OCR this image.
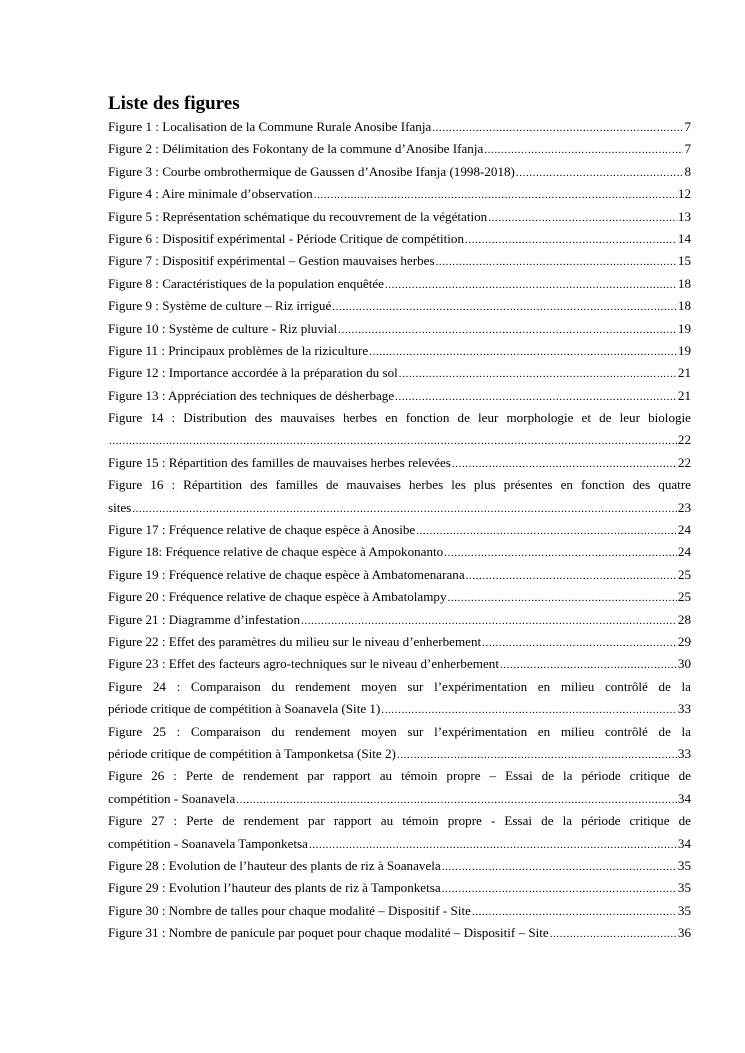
Liste des figures
Figure 1 : Localisation de la Commune Rurale Anosibe Ifanja .....	7
Figure 2 : Délimitation des Fokontany de la commune d’Anosibe Ifanja .....	7
Figure 3 : Courbe ombrothermique de Gaussen d’Anosibe Ifanja (1998-2018) .....	8
Figure 4 : Aire minimale d’observation .....	12
Figure 5 : Représentation schématique du recouvrement de la végétation .....	13
Figure 6 : Dispositif expérimental - Période Critique de compétition .....	14
Figure 7 : Dispositif expérimental – Gestion mauvaises herbes .....	15
Figure 8 : Caractéristiques de la population enquêtée .....	18
Figure 9 : Système de culture – Riz irrigué .....	18
Figure 10 : Système de culture - Riz pluvial .....	19
Figure 11 : Principaux problèmes de la riziculture .....	19
Figure 12 : Importance accordée à la préparation du sol .....	21
Figure 13 : Appréciation des techniques de désherbage .....	21
Figure 14 : Distribution des mauvaises herbes en fonction de leur morphologie et de leur biologie
.....
22
Figure 15 : Répartition des familles de mauvaises herbes relevées .....	22
Figure 16 : Répartition des familles de mauvaises herbes les plus présentes en fonction des quatre
sites .....	23
Figure 17 : Fréquence relative de chaque espèce à Anosibe .....	24
Figure 18: Fréquence relative de chaque espèce à Ampokonanto .....	24
Figure 19 : Fréquence relative de chaque espèce à Ambatomenarana .....	25
Figure 20 : Fréquence relative de chaque espèce à Ambatolampy .....	25
Figure 21 : Diagramme d’infestation .....	28
Figure 22 : Effet des paramètres du milieu sur le niveau d’enherbement .....	29
Figure 23 : Effet des facteurs agro-techniques sur le niveau d’enherbement .....	30
Figure 24 : Comparaison du rendement moyen sur l’expérimentation en milieu contrôlé de la
période critique de compétition à Soanavela (Site 1) .....	33
Figure 25 : Comparaison du rendement moyen sur l’expérimentation en milieu contrôlé de la
période critique de compétition à Tamponketsa (Site 2) .....	33
Figure 26 : Perte de rendement par rapport au témoin propre – Essai de la période critique de
compétition - Soanavela .....	34
Figure 27 : Perte de rendement par rapport au témoin propre - Essai de la période critique de
compétition - Soanavela Tamponketsa .....	34
Figure 28 : Evolution de l’hauteur des plants de riz à Soanavela .....	35
Figure 29 : Evolution l’hauteur des plants de riz à Tamponketsa .....	35
Figure 30 : Nombre de talles pour chaque modalité – Dispositif - Site .....	35
Figure 31 : Nombre de panicule par poquet pour chaque modalité – Dispositif – Site .....	36
